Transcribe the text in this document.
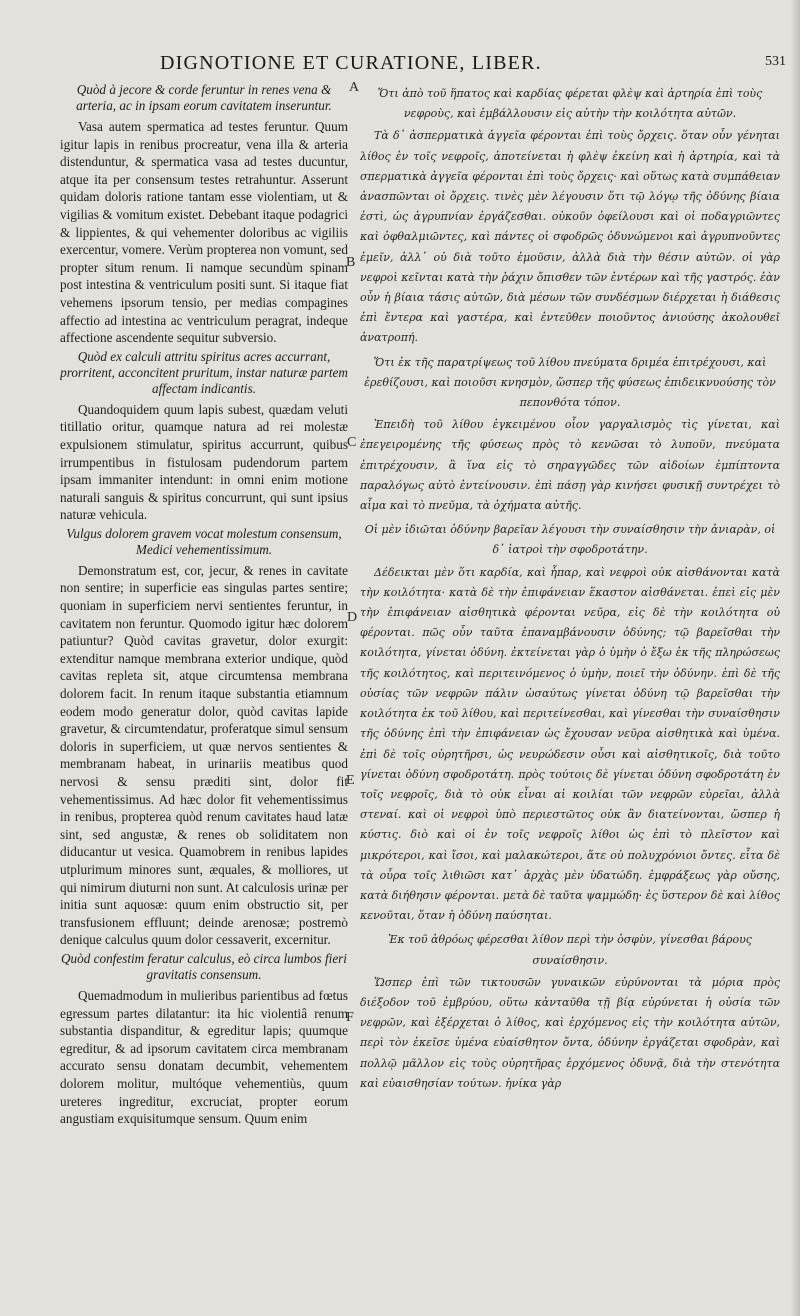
DIGNOTIONE ET CURATIONE, LIBER.	531
Quòd à jecore & corde feruntur in renes vena & arteria, ac in ipsam eorum cavitatem inseruntur.
Vasa autem spermatica ad testes feruntur. Quum igitur lapis in renibus procreatur, vena illa & arteria distenduntur, & spermatica vasa ad testes ducuntur, atque ita per consensum testes retrahuntur. Asserunt quidam doloris ratione tantam esse violentiam, ut & vigilias & vomitum existet. Debebant itaque podagrici & lippientes, & qui vehementer doloribus ac vigiliis exercentur, vomere. Verùm propterea non vomunt, sed propter situm renum. Ii namque secundùm spinam post intestina & ventriculum positi sunt. Si itaque fiat vehemens ipsorum tensio, per medias compagines affectio ad intestina ac ventriculum peragrat, indeque affectione ascendente sequitur subversio.
Quòd ex calculi attritu spiritus acres accurrant, prorritent, acconcitent pruritum, instar naturæ partem affectam indicantis.
Quandoquidem quum lapis subest, quædam veluti titillatio oritur, quamque natura ad rei molestæ expulsionem stimulatur, spiritus accurrunt, quibus irrumpentibus in fistulosam pudendorum partem ipsam immaniter intendunt: in omni enim motione naturali sanguis & spiritus concurrunt, qui sunt ipsius naturæ vehicula.
Vulgus dolorem gravem vocat molestum consensum, Medici vehementissimum.
Demonstratum est, cor, jecur, & renes in cavitate non sentire; in superficie eas singulas partes sentire; quoniam in superficiem nervi sentientes feruntur, in cavitatem non feruntur. Quomodo igitur hæc dolorem patiuntur? Quòd cavitas gravetur, dolor exurgit: extenditur namque membrana exterior undique, quòd cavitas repleta sit, atque circumtensa membrana dolorem facit. In renum itaque substantia etiamnum eodem modo generatur dolor, quòd cavitas lapide gravetur, & circumtendatur, proferatque simul sensum doloris in superficiem, ut quæ nervos sentientes & membranam habeat, in urinariis meatibus quod nervosi & sensu præditi sint, dolor fit vehementissimus. Ad hæc dolor fit vehementissimus in renibus, propterea quòd renum cavitates haud latæ sint, sed angustæ, & renes ob soliditatem non diducantur ut vesica. Quamobrem in renibus lapides utplurimum minores sunt, æquales, & molliores, ut qui nimirum diuturni non sunt. At calculosis urinæ per initia sunt aquosæ: quum enim obstructio sit, per transfusionem effluunt; deinde arenosæ; postremò denique calculus quum dolor cessaverit, excernitur.
Quòd confestim feratur calculus, eò circa lumbos fieri gravitatis consensum.
Quemadmodum in mulieribus parientibus ad fœtus egressum partes dilatantur: ita hic violentiâ renum substantia dispanditur, & egreditur lapis; quumque egreditur, & ad ipsorum cavitatem circa membranam accurato sensu donatam decumbit, vehementem dolorem molitur, multóque vehementiùs, quum ureteres ingreditur, excruciat, propter eorum angustiam exquisitumque sensum. Quum enim
A
B
C
D
E
F
Ὅτι ἀπὸ τοῦ ἥπατος καὶ καρδίας φέρεται φλὲψ καὶ ἀρτηρία ἐπὶ τοὺς νεφροὺς, καὶ ἐμβάλλουσιν εἰς αὐτὴν τὴν κοιλότητα αὐτῶν.
Τὰ δ᾽ ἀσπερματικὰ ἀγγεῖα φέρονται ἐπὶ τοὺς ὄρχεις. ὅταν οὖν γένηται λίθος ἐν τοῖς νεφροῖς, ἀποτείνεται ἡ φλὲψ ἐκείνη καὶ ἡ ἀρτηρία, καὶ τὰ σπερματικὰ ἀγγεῖα φέρονται ἐπὶ τοὺς ὄρχεις· καὶ οὕτως κατὰ συμπάθειαν ἀνασπῶνται οἱ ὄρχεις. τινὲς μὲν λέγουσιν ὅτι τῷ λόγῳ τῆς ὀδύνης βίαια ἐστὶ, ὡς ἀγρυπνίαν ἐργάζεσθαι. οὐκοῦν ὀφείλουσι καὶ οἱ ποδαγριῶντες καὶ ὀφθαλμιῶντες, καὶ πάντες οἱ σφοδρῶς ὀδυνώμενοι καὶ ἀγρυπνοῦντες ἐμεῖν, ἀλλ᾽ οὐ διὰ τοῦτο ἐμοῦσιν, ἀλλὰ διὰ τὴν θέσιν αὐτῶν. οἱ γὰρ νεφροὶ κεῖνται κατὰ τὴν ῥάχιν ὄπισθεν τῶν ἐντέρων καὶ τῆς γαστρός. ἐὰν οὖν ἡ βίαια τάσις αὐτῶν, διὰ μέσων τῶν συνδέσμων διέρχεται ἡ διάθεσις ἐπὶ ἔντερα καὶ γαστέρα, καὶ ἐντεῦθεν ποιοῦντος ἀνιούσης ἀκολουθεῖ ἀνατροπή.
Ὅτι ἐκ τῆς παρατρίψεως τοῦ λίθου πνεύματα δριμέα ἐπιτρέχουσι, καὶ ἐρεθίζουσι, καὶ ποιοῦσι κνησμὸν, ὥσπερ τῆς φύσεως ἐπιδεικνυούσης τὸν πεπονθότα τόπον.
Ἐπειδὴ τοῦ λίθου ἐγκειμένου οἷον γαργαλισμὸς τὶς γίνεται, καὶ ἐπεγειρομένης τῆς φύσεως πρὸς τὸ κενῶσαι τὸ λυποῦν, πνεύματα ἐπιτρέχουσιν, ἃ ἵνα εἰς τὸ σηραγγῶδες τῶν αἰδοίων ἐμπίπτοντα παραλόγως αὐτὸ ἐντείνουσιν. ἐπὶ πάσῃ γὰρ κινήσει φυσικῇ συντρέχει τὸ αἷμα καὶ τὸ πνεῦμα, τὰ ὀχήματα αὐτῆς.
Οἱ μὲν ἰδιῶται ὀδύνην βαρεῖαν λέγουσι τὴν συναίσθησιν τὴν ἀνιαρὰν, οἱ δ᾽ ἰατροὶ τὴν σφοδροτάτην.
Δέδεικται μὲν ὅτι καρδία, καὶ ἧπαρ, καὶ νεφροὶ οὐκ αἰσθάνονται κατὰ τὴν κοιλότητα· κατὰ δὲ τὴν ἐπιφάνειαν ἕκαστον αἰσθάνεται. ἐπεὶ εἰς μὲν τὴν ἐπιφάνειαν αἰσθητικὰ φέρονται νεῦρα, εἰς δὲ τὴν κοιλότητα οὐ φέρονται. πῶς οὖν ταῦτα ἐπαναμβάνουσιν ὀδύνης; τῷ βαρεῖσθαι τὴν κοιλότητα, γίνεται ὀδύνη. ἐκτείνεται γὰρ ὁ ὑμὴν ὁ ἔξω ἐκ τῆς πληρώσεως τῆς κοιλότητος, καὶ περιτεινόμενος ὁ ὑμὴν, ποιεῖ τὴν ὀδύνην. ἐπὶ δὲ τῆς οὐσίας τῶν νεφρῶν πάλιν ὡσαύτως γίνεται ὀδύνη τῷ βαρεῖσθαι τὴν κοιλότητα ἐκ τοῦ λίθου, καὶ περιτείνεσθαι, καὶ γίνεσθαι τὴν συναίσθησιν τῆς ὀδύνης ἐπὶ τὴν ἐπιφάνειαν ὡς ἔχουσαν νεῦρα αἰσθητικὰ καὶ ὑμένα. ἐπὶ δὲ τοῖς οὐρητῆρσι, ὡς νευρώδεσιν οὖσι καὶ αἰσθητικοῖς, διὰ τοῦτο γίνεται ὀδύνη σφοδροτάτη. πρὸς τούτοις δὲ γίνεται ὀδύνη σφοδροτάτη ἐν τοῖς νεφροῖς, διὰ τὸ οὐκ εἶναι αἱ κοιλίαι τῶν νεφρῶν εὐρεῖαι, ἀλλὰ στεναί. καὶ οἱ νεφροὶ ὑπὸ περιεστῶτος οὐκ ἂν διατείνονται, ὥσπερ ἡ κύστις. διὸ καὶ οἱ ἐν τοῖς νεφροῖς λίθοι ὡς ἐπὶ τὸ πλεῖστον καὶ μικρότεροι, καὶ ἴσοι, καὶ μαλακώτεροι, ἅτε οὐ πολυχρόνιοι ὄντες. εἶτα δὲ τὰ οὖρα τοῖς λιθιῶσι κατ᾽ ἀρχὰς μὲν ὑδατώδη. ἐμφράξεως γὰρ οὔσης, κατὰ διήθησιν φέρονται. μετὰ δὲ ταῦτα ψαμμώδη· ἐς ὕστερον δὲ καὶ λίθος κενοῦται, ὅταν ἡ ὀδύνη παύσηται.
Ἐκ τοῦ ἀθρόως φέρεσθαι λίθον περὶ τὴν ὀσφὺν, γίνεσθαι βάρους συναίσθησιν.
Ὥσπερ ἐπὶ τῶν τικτουσῶν γυναικῶν εὐρύνονται τὰ μόρια πρὸς διέξοδον τοῦ ἐμβρύου, οὕτω κἀνταῦθα τῇ βίᾳ εὐρύνεται ἡ οὐσία τῶν νεφρῶν, καὶ ἐξέρχεται ὁ λίθος, καὶ ἐρχόμενος εἰς τὴν κοιλότητα αὐτῶν, περὶ τὸν ἐκεῖσε ὑμένα εὐαίσθητον ὄντα, ὀδύνην ἐργάζεται σφοδρὰν, καὶ πολλῷ μᾶλλον εἰς τοὺς οὐρητῆρας ἐρχόμενος ὀδυνᾷ, διὰ τὴν στενότητα καὶ εὐαισθησίαν τούτων. ἡνίκα γὰρ
